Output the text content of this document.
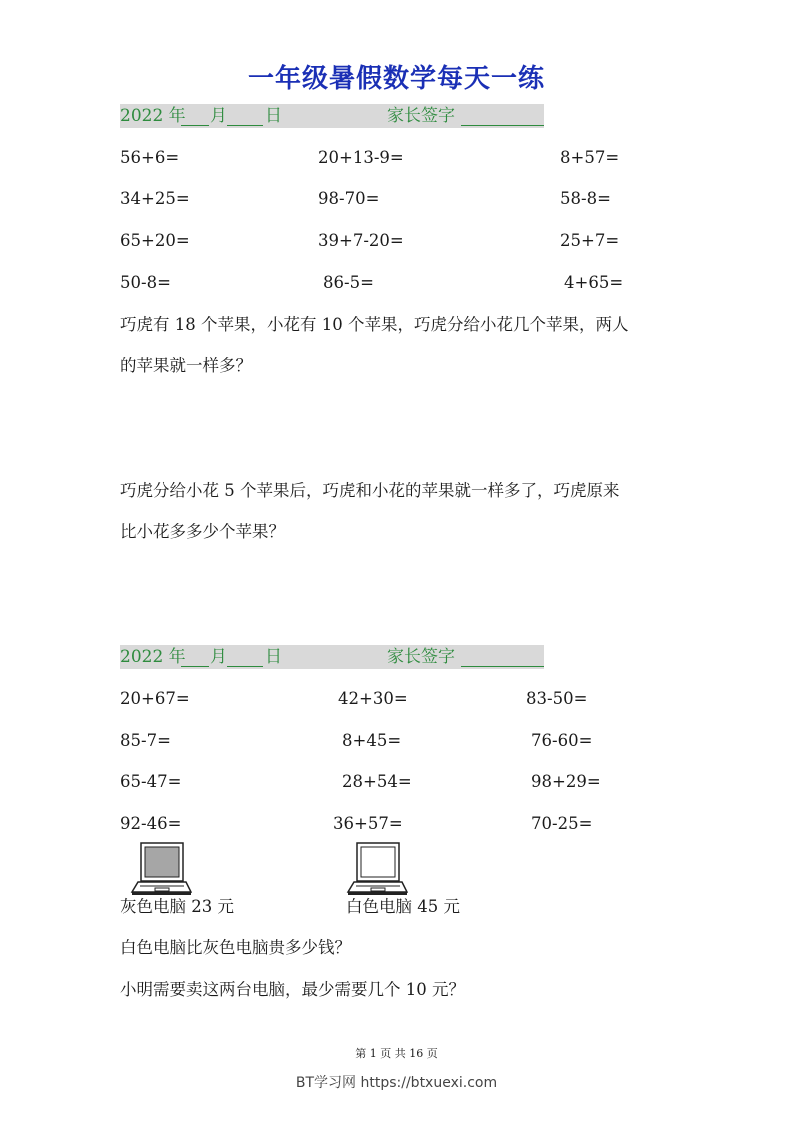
一年级暑假数学每天一练
2022 年 月 日	家长签字
56+6=	20+13-9=	8+57=
34+25=	98-70=	58-8=
65+20=	39+7-20=	25+7=
50-8=	86-5=	4+65=
巧虎有 18 个苹果，小花有 10 个苹果，巧虎分给小花几个苹果，两人
的苹果就一样多？
巧虎分给小花 5 个苹果后，巧虎和小花的苹果就一样多了，巧虎原来
比小花多多少个苹果？
2022 年 月 日	家长签字
20+67=	42+30=	83-50=
85-7=	8+45=	76-60=
65-47=	28+54=	98+29=
92-46=	36+57=	70-25=
灰色电脑 23 元	白色电脑 45 元
白色电脑比灰色电脑贵多少钱？
小明需要卖这两台电脑，最少需要几个 10 元？
第 1 页 共 16 页
BT学习网 https://btxuexi.com
